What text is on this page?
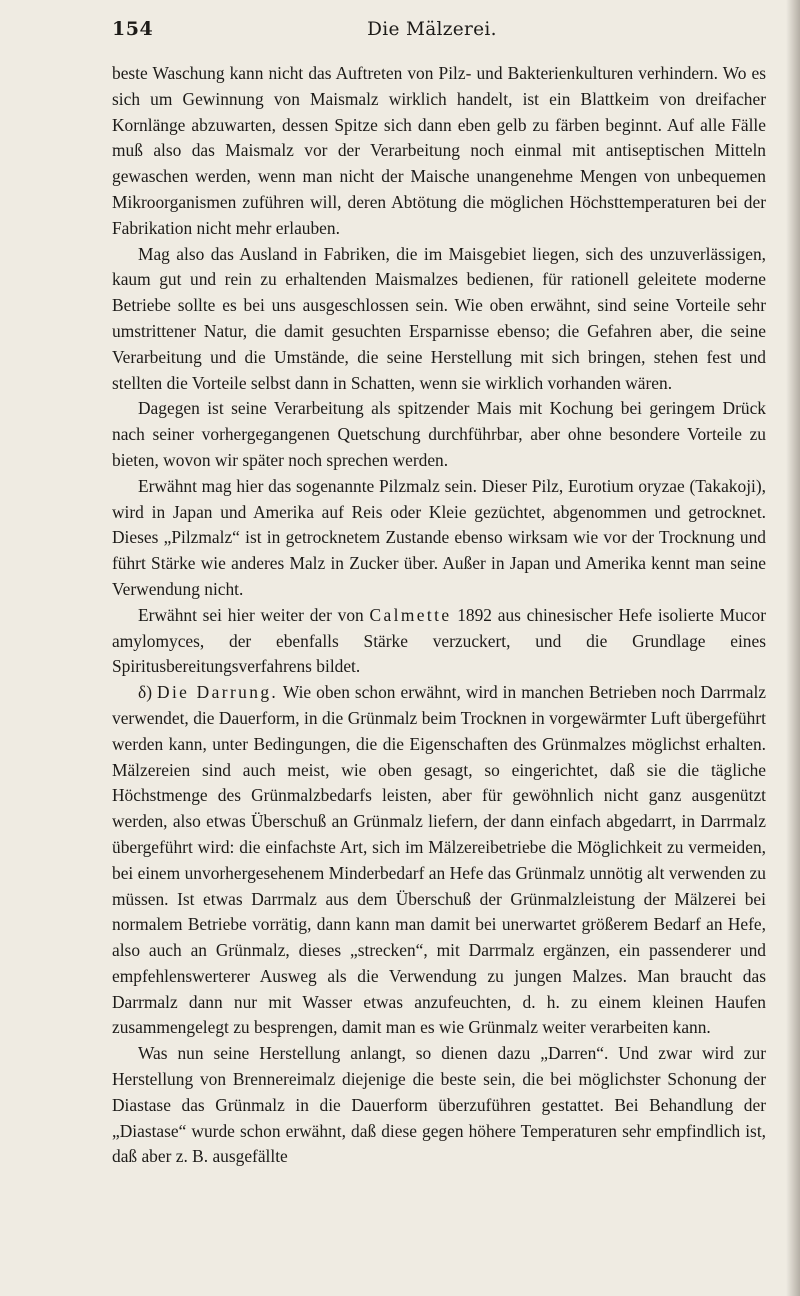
154	Die Mälzerei.

beste Waschung kann nicht das Auftreten von Pilz- und Bakterienkulturen verhindern. Wo es sich um Gewinnung von Maismalz wirklich handelt, ist ein Blattkeim von dreifacher Kornlänge abzuwarten, dessen Spitze sich dann eben gelb zu färben beginnt. Auf alle Fälle muß also das Maismalz vor der Verarbeitung noch einmal mit antiseptischen Mitteln gewaschen werden, wenn man nicht der Maische unangenehme Mengen von unbequemen Mikroorganismen zuführen will, deren Abtötung die möglichen Höchsttemperaturen bei der Fabrikation nicht mehr erlauben.

Mag also das Ausland in Fabriken, die im Maisgebiet liegen, sich des unzuverlässigen, kaum gut und rein zu erhaltenden Maismalzes bedienen, für rationell geleitete moderne Betriebe sollte es bei uns ausgeschlossen sein. Wie oben erwähnt, sind seine Vorteile sehr umstrittener Natur, die damit gesuchten Ersparnisse ebenso; die Gefahren aber, die seine Verarbeitung und die Umstände, die seine Herstellung mit sich bringen, stehen fest und stellten die Vorteile selbst dann in Schatten, wenn sie wirklich vorhanden wären.

Dagegen ist seine Verarbeitung als spitzender Mais mit Kochung bei geringem Drück nach seiner vorhergegangenen Quetschung durchführbar, aber ohne besondere Vorteile zu bieten, wovon wir später noch sprechen werden.

Erwähnt mag hier das sogenannte Pilzmalz sein. Dieser Pilz, Eurotium oryzae (Takakoji), wird in Japan und Amerika auf Reis oder Kleie gezüchtet, abgenommen und getrocknet. Dieses „Pilzmalz“ ist in getrocknetem Zustande ebenso wirksam wie vor der Trocknung und führt Stärke wie anderes Malz in Zucker über. Außer in Japan und Amerika kennt man seine Verwendung nicht.

Erwähnt sei hier weiter der von Calmette 1892 aus chinesischer Hefe isolierte Mucor amylomyces, der ebenfalls Stärke verzuckert, und die Grundlage eines Spiritusbereitungsverfahrens bildet.

δ) Die Darrung. Wie oben schon erwähnt, wird in manchen Betrieben noch Darrmalz verwendet, die Dauerform, in die Grünmalz beim Trocknen in vorgewärmter Luft übergeführt werden kann, unter Bedingungen, die die Eigenschaften des Grünmalzes möglichst erhalten. Mälzereien sind auch meist, wie oben gesagt, so eingerichtet, daß sie die tägliche Höchstmenge des Grünmalzbedarfs leisten, aber für gewöhnlich nicht ganz ausgenützt werden, also etwas Überschuß an Grünmalz liefern, der dann einfach abgedarrt, in Darrmalz übergeführt wird: die einfachste Art, sich im Mälzereibetriebe die Möglichkeit zu vermeiden, bei einem unvorhergesehenem Minderbedarf an Hefe das Grünmalz unnötig alt verwenden zu müssen. Ist etwas Darrmalz aus dem Überschuß der Grünmalzleistung der Mälzerei bei normalem Betriebe vorrätig, dann kann man damit bei unerwartet größerem Bedarf an Hefe, also auch an Grünmalz, dieses „strecken“, mit Darrmalz ergänzen, ein passenderer und empfehlenswerterer Ausweg als die Verwendung zu jungen Malzes. Man braucht das Darrmalz dann nur mit Wasser etwas anzufeuchten, d. h. zu einem kleinen Haufen zusammengelegt zu besprengen, damit man es wie Grünmalz weiter verarbeiten kann.

Was nun seine Herstellung anlangt, so dienen dazu „Darren“. Und zwar wird zur Herstellung von Brennereimalz diejenige die beste sein, die bei möglichster Schonung der Diastase das Grünmalz in die Dauerform überzuführen gestattet. Bei Behandlung der „Diastase“ wurde schon erwähnt, daß diese gegen höhere Temperaturen sehr empfindlich ist, daß aber z. B. ausgefällte
